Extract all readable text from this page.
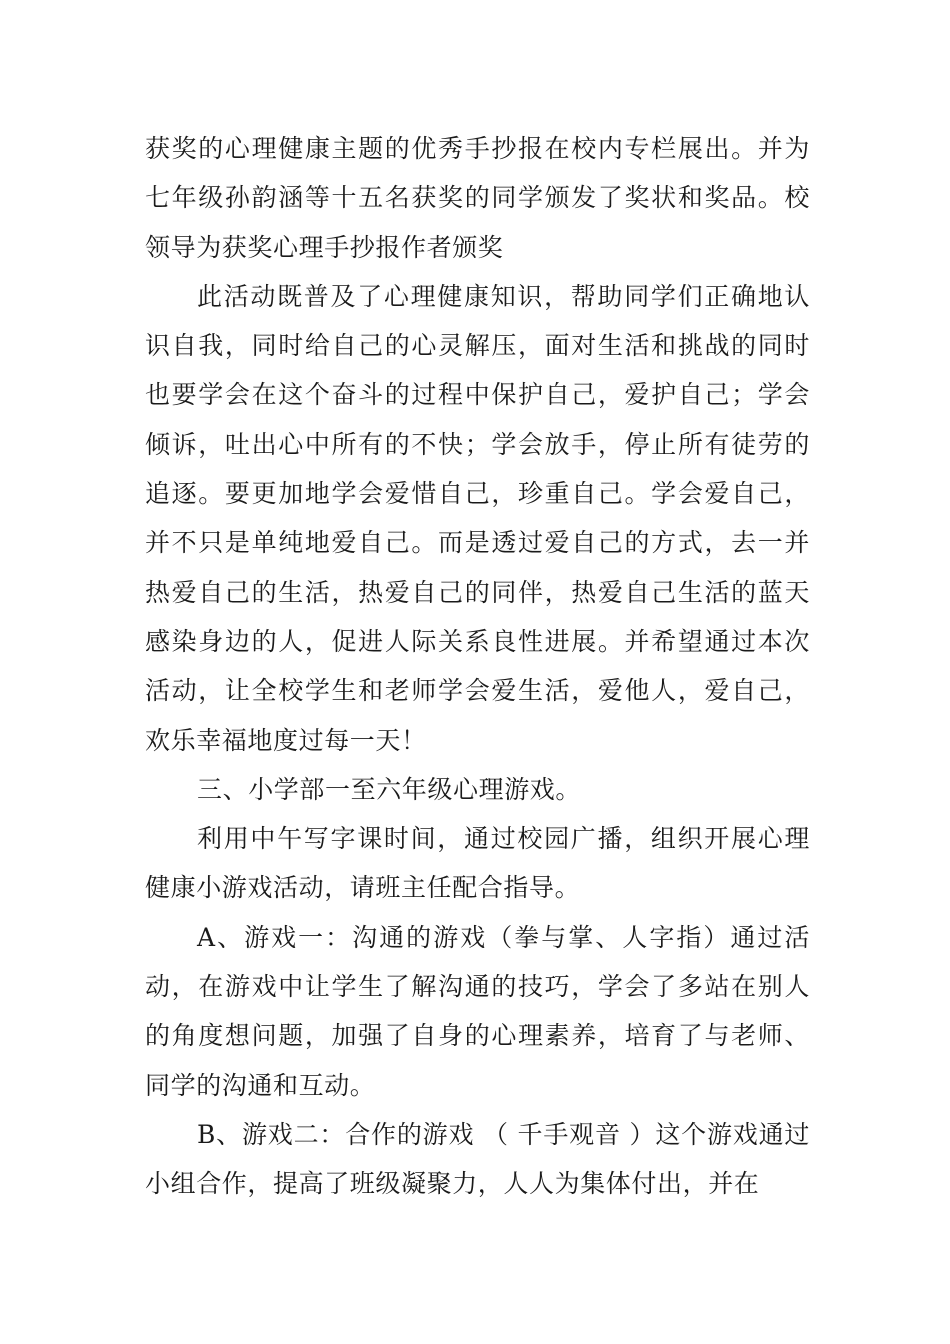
获奖的心理健康主题的优秀手抄报在校内专栏展出。并为七年级孙韵涵等十五名获奖的同学颁发了奖状和奖品。校领导为获奖心理手抄报作者颁奖

此活动既普及了心理健康知识，帮助同学们正确地认识自我，同时给自己的心灵解压，面对生活和挑战的同时也要学会在这个奋斗的过程中保护自己，爱护自己；学会倾诉，吐出心中所有的不快；学会放手，停止所有徒劳的追逐。要更加地学会爱惜自己，珍重自己。学会爱自己，并不只是单纯地爱自己。而是透过爱自己的方式，去一并热爱自己的生活，热爱自己的同伴，热爱自己生活的蓝天感染身边的人，促进人际关系良性进展。并希望通过本次活动，让全校学生和老师学会爱生活，爱他人，爱自己，欢乐幸福地度过每一天！

三、小学部一至六年级心理游戏。

利用中午写字课时间，通过校园广播，组织开展心理健康小游戏活动，请班主任配合指导。

A、游戏一：沟通的游戏（拳与掌、人字指）通过活动，在游戏中让学生了解沟通的技巧，学会了多站在别人的角度想问题，加强了自身的心理素养，培育了与老师、同学的沟通和互动。

B、游戏二：合作的游戏 （ 千手观音 ）这个游戏通过小组合作，提高了班级凝聚力，人人为集体付出，并在
